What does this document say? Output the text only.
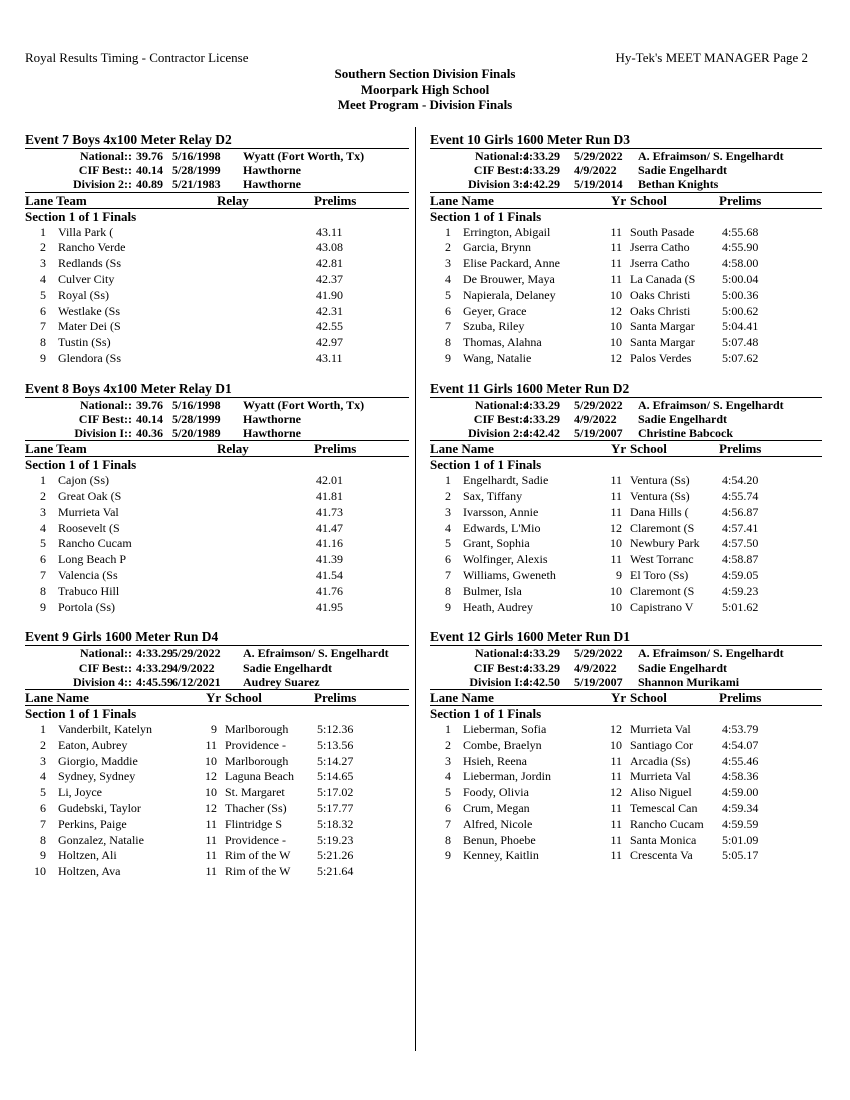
Royal Results Timing - Contractor License	Hy-Tek's MEET MANAGER Page 2
Southern Section Division Finals
Moorpark High School
Meet Program - Division Finals
Event 7 Boys 4x100 Meter Relay D2
National:: 39.76 5/16/1998 Wyatt (Fort Worth, Tx)
CIF Best:: 40.14 5/28/1999 Hawthorne
Division 2:: 40.89 5/21/1983 Hawthorne
Lane Team	Relay	Prelims
Section 1 of 1 Finals
1 Villa Park (	43.11
2 Rancho Verde	43.08
3 Redlands (Ss	42.81
4 Culver City	42.37
5 Royal (Ss)	41.90
6 Westlake (Ss	42.31
7 Mater Dei (S	42.55
8 Tustin (Ss)	42.97
9 Glendora (Ss	43.11
Event 8 Boys 4x100 Meter Relay D1
National:: 39.76 5/16/1998 Wyatt (Fort Worth, Tx)
CIF Best:: 40.14 5/28/1999 Hawthorne
Division I:: 40.36 5/20/1989 Hawthorne
Lane Team	Relay	Prelims
Section 1 of 1 Finals
1 Cajon (Ss)	42.01
2 Great Oak (S	41.81
3 Murrieta Val	41.73
4 Roosevelt (S	41.47
5 Rancho Cucam	41.16
6 Long Beach P	41.39
7 Valencia (Ss	41.54
8 Trabuco Hill	41.76
9 Portola (Ss)	41.95
Event 9 Girls 1600 Meter Run D4
National:: 4:33.29 5/29/2022 A. Efraimson/ S. Engelhardt
CIF Best:: 4:33.29 4/9/2022 Sadie Engelhardt
Division 4:: 4:45.59 6/12/2021 Audrey Suarez
Lane Name	Yr School	Prelims
Section 1 of 1 Finals
1 Vanderbilt, Katelyn	9 Marlborough 5:12.36
2 Eaton, Aubrey	11 Providence -	5:13.56
3 Giorgio, Maddie	10 Marlborough 5:14.27
4 Sydney, Sydney	12 Laguna Beach 5:14.65
5 Li, Joyce	10 St. Margaret	5:17.02
6 Gudebski, Taylor	12 Thacher (Ss)	5:17.77
7 Perkins, Paige	11 Flintridge S	5:18.32
8 Gonzalez, Natalie	11 Providence -	5:19.23
9 Holtzen, Ali	11 Rim of the W 5:21.26
10 Holtzen, Ava	11 Rim of the W 5:21.64
Event 10 Girls 1600 Meter Run D3
National::
4:33.29 5/29/2022 A. Efraimson/ S. Engelhardt
CIF Best::
4:33.29 4/9/2022 Sadie Engelhardt
Division 3::
4:42.29 5/19/2014 Bethan Knights
Lane Name	Yr School	Prelims
Section 1 of 1 Finals
1 Errington, Abigail	11 South Pasade 4:55.68
2 Garcia, Brynn	11 Jserra Catho	4:55.90
3 Elise Packard, Anne	11 Jserra Catho	4:58.00
4 De Brouwer, Maya	11 La Canada (S 5:00.04
5 Napierala, Delaney	10 Oaks Christi	5:00.36
6 Geyer, Grace	12 Oaks Christi	5:00.62
7 Szuba, Riley	10 Santa Margar 5:04.41
8 Thomas, Alahna	10 Santa Margar 5:07.48
9 Wang, Natalie	12 Palos Verdes	5:07.62
Event 11 Girls 1600 Meter Run D2
National::
4:33.29 5/29/2022 A. Efraimson/ S. Engelhardt
CIF Best::
4:33.29 4/9/2022 Sadie Engelhardt
Division 2::
4:42.42 5/19/2007 Christine Babcock
Lane Name	Yr School	Prelims
Section 1 of 1 Finals
1 Engelhardt, Sadie	11 Ventura (Ss)	4:54.20
2 Sax, Tiffany	11 Ventura (Ss)	4:55.74
3 Ivarsson, Annie	11 Dana Hills (	4:56.87
4 Edwards, L'Mio	12 Claremont (S 4:57.41
5 Grant, Sophia	10 Newbury Park 4:57.50
6 Wolfinger, Alexis	11 West Torranc 4:58.87
7 Williams, Gweneth	9 El Toro (Ss)	4:59.05
8 Bulmer, Isla	10 Claremont (S 4:59.23
9 Heath, Audrey	10 Capistrano V 5:01.62
Event 12 Girls 1600 Meter Run D1
National::
4:33.29 5/29/2022 A. Efraimson/ S. Engelhardt
CIF Best::
4:33.29 4/9/2022 Sadie Engelhardt
Division I::
4:42.50 5/19/2007 Shannon Murikami
Lane Name	Yr School	Prelims
Section 1 of 1 Finals
1 Lieberman, Sofia	12 Murrieta Val	4:53.79
2 Combe, Braelyn	10 Santiago Cor 4:54.07
3 Hsieh, Reena	11 Arcadia (Ss)	4:55.46
4 Lieberman, Jordin	11 Murrieta Val	4:58.36
5 Foody, Olivia	12 Aliso Niguel	4:59.00
6 Crum, Megan	11 Temescal Can 4:59.34
7 Alfred, Nicole	11 Rancho Cucam 4:59.59
8 Benun, Phoebe	11 Santa Monica 5:01.09
9 Kenney, Kaitlin	11 Crescenta Va 5:05.17
